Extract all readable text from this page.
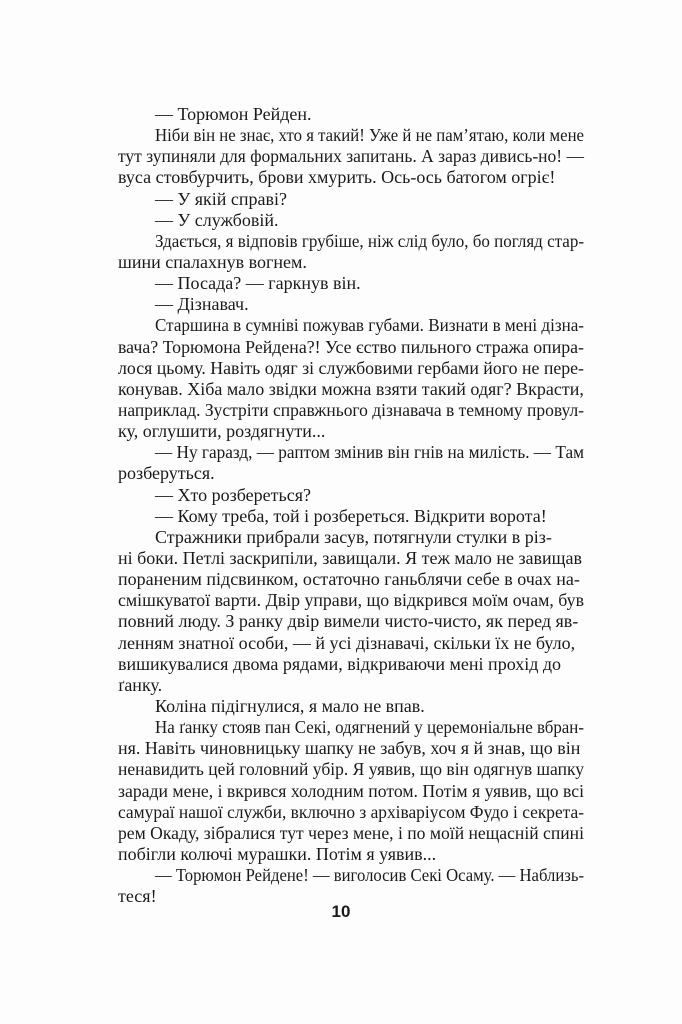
— Торюмон Рейден.
Ніби він не знає, хто я такий! Уже й не пам’ятаю, коли мене
тут зупиняли для формальних запитань. А зараз дивись-но! —
вуса стовбурчить, брови хмурить. Ось-ось батогом огріє!
— У якій справі?
— У службовій.
Здається, я відповів грубіше, ніж слід було, бо погляд стар-
шини спалахнув вогнем.
— Посада? — гаркнув він.
— Дізнавач.
Старшина в сумніві пожував губами. Визнати в мені дізна-
вача? Торюмона Рейдена?! Усе єство пильного стража опира-
лося цьому. Навіть одяг зі службовими гербами його не пере-
конував. Хіба мало звідки можна взяти такий одяг? Вкрасти,
наприклад. Зустріти справжнього дізнавача в темному провул-
ку, оглушити, роздягнути...
— Ну гаразд, — раптом змінив він гнів на милість. — Там
розберуться.
— Хто розбереться?
— Кому треба, той і розбереться. Відкрити ворота!
Стражники прибрали засув, потягнули стулки в різ-
ні боки. Петлі заскрипіли, завищали. Я теж мало не завищав
пораненим підсвинком, остаточно ганьблячи себе в очах на-
смішкуватої варти. Двір управи, що відкрився моїм очам, був
повний люду. З ранку двір вимели чисто-чисто, як перед яв-
ленням знатної особи, — й усі дізнавачі, скільки їх не було,
вишикувалися двома рядами, відкриваючи мені прохід до
ґанку.
Коліна підігнулися, я мало не впав.
На ґанку стояв пан Секі, одягнений у церемоніальне вбран-
ня. Навіть чиновницьку шапку не забув, хоч я й знав, що він
ненавидить цей головний убір. Я уявив, що він одягнув шапку
заради мене, і вкрився холодним потом. Потім я уявив, що всі
самураї нашої служби, включно з архіваріусом Фудо і секрета-
рем Окаду, зібралися тут через мене, і по моїй нещасній спині
побігли колючі мурашки. Потім я уявив...
— Торюмон Рейдене! — виголосив Секі Осаму. — Наблизь-
теся!
10
